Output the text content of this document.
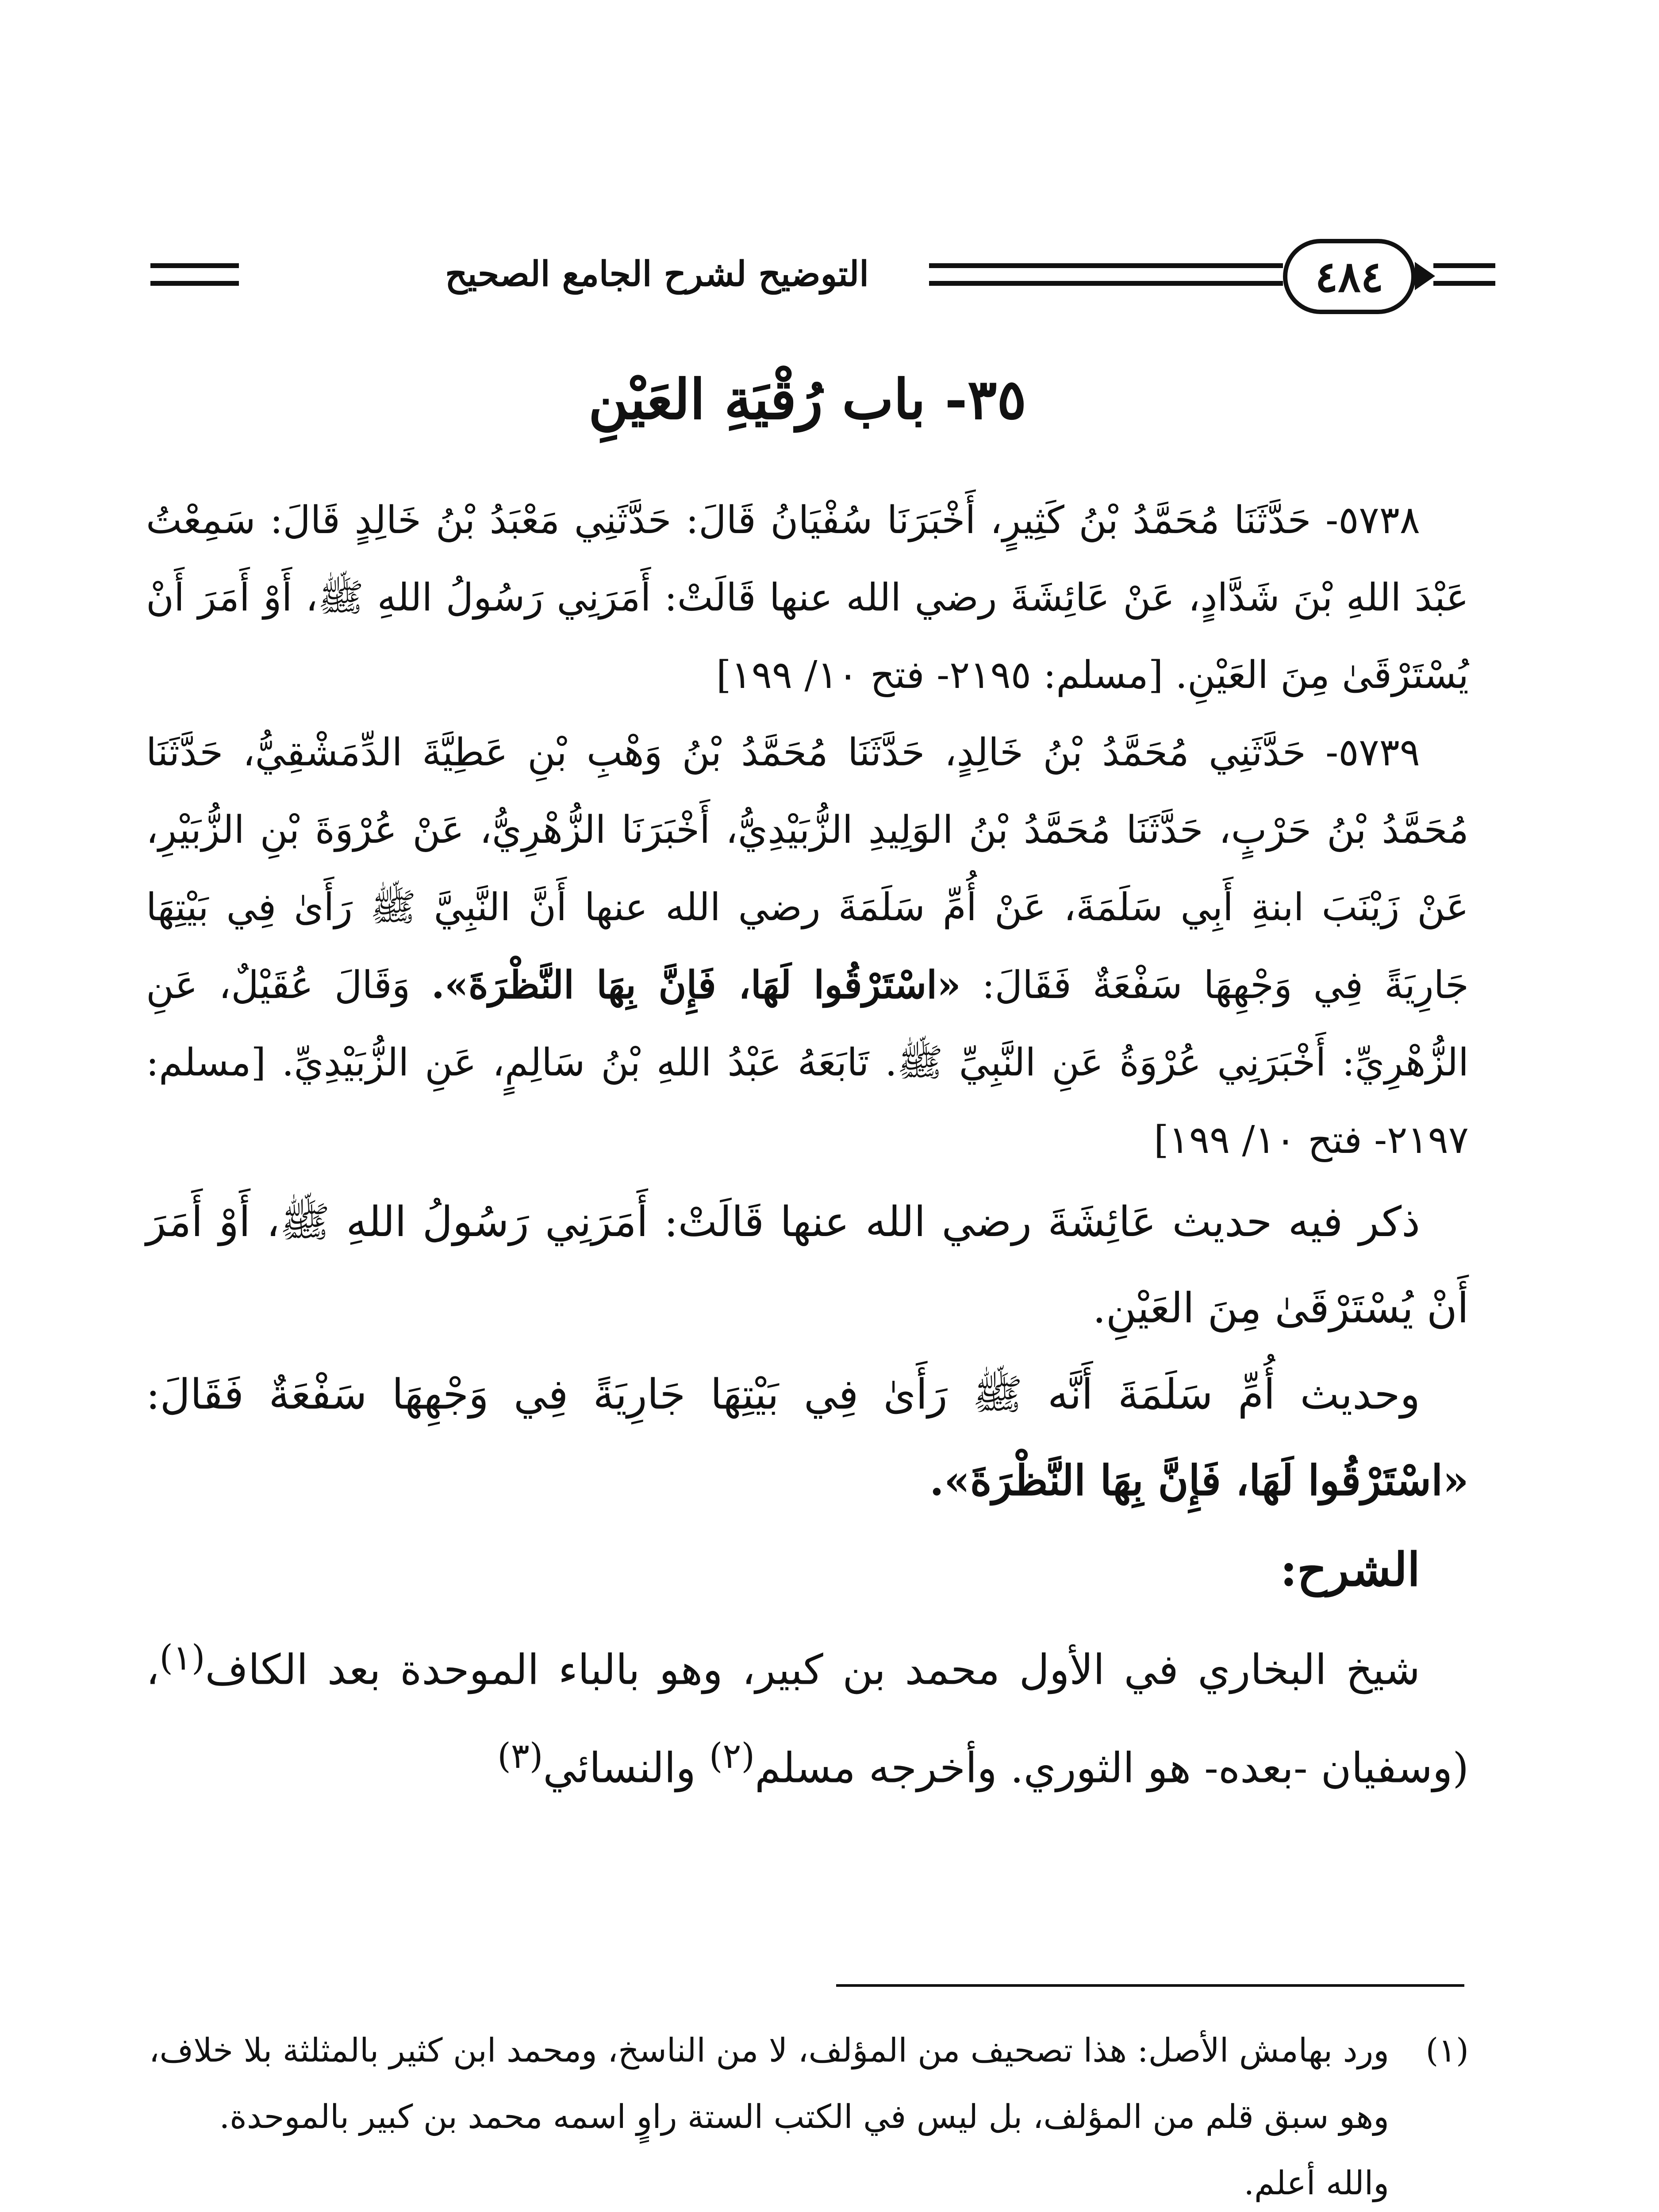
التوضيح لشرح الجامع الصحيح	٤٨٤
٣٥- باب رُقْيَةِ العَيْنِ

٥٧٣٨- حَدَّثَنَا مُحَمَّدُ بْنُ كَثِيرٍ، أَخْبَرَنَا سُفْيَانُ قَالَ: حَدَّثَنِي مَعْبَدُ بْنُ خَالِدٍ قَالَ: سَمِعْتُ عَبْدَ اللهِ بْنَ شَدَّادٍ، عَنْ عَائِشَةَ رضي الله عنها قَالَتْ: أَمَرَنِي رَسُولُ اللهِ ﷺ، أَوْ أَمَرَ أَنْ يُسْتَرْقَىٰ مِنَ العَيْنِ. [مسلم: ٢١٩٥- فتح ١٠/ ١٩٩]

٥٧٣٩- حَدَّثَنِي مُحَمَّدُ بْنُ خَالِدٍ، حَدَّثَنَا مُحَمَّدُ بْنُ وَهْبِ بْنِ عَطِيَّةَ الدِّمَشْقِيُّ، حَدَّثَنَا مُحَمَّدُ بْنُ حَرْبٍ، حَدَّثَنَا مُحَمَّدُ بْنُ الوَلِيدِ الزُّبَيْدِيُّ، أَخْبَرَنَا الزُّهْرِيُّ، عَنْ عُرْوَةَ بْنِ الزُّبَيْرِ، عَنْ زَيْنَبَ ابنةِ أَبِي سَلَمَةَ، عَنْ أُمِّ سَلَمَةَ رضي الله عنها أَنَّ النَّبِيَّ ﷺ رَأَىٰ فِي بَيْتِهَا جَارِيَةً فِي وَجْهِهَا سَفْعَةٌ فَقَالَ: «اسْتَرْقُوا لَهَا، فَإِنَّ بِهَا النَّظْرَةَ». وَقَالَ عُقَيْلٌ، عَنِ الزُّهْرِيِّ: أَخْبَرَنِي عُرْوَةُ عَنِ النَّبِيِّ ﷺ. تَابَعَهُ عَبْدُ اللهِ بْنُ سَالِمٍ، عَنِ الزُّبَيْدِيِّ. [مسلم: ٢١٩٧- فتح ١٠/ ١٩٩]

ذكر فيه حديث عَائِشَةَ رضي الله عنها قَالَتْ: أَمَرَنِي رَسُولُ اللهِ ﷺ، أَوْ أَمَرَ أَنْ يُسْتَرْقَىٰ مِنَ العَيْنِ.

وحديث أُمِّ سَلَمَةَ أَنَّه ﷺ رَأَىٰ فِي بَيْتِهَا جَارِيَةً فِي وَجْهِهَا سَفْعَةٌ فَقَالَ: «اسْتَرْقُوا لَهَا، فَإِنَّ بِهَا النَّظْرَةَ».

الشرح:

شيخ البخاري في الأول محمد بن كبير، وهو بالباء الموحدة بعد الكاف$^{(١)}$، (وسفيان -بعده- هو الثوري. وأخرجه مسلم$^{(٢)}$ والنسائي$^{(٣)}$

(١)
ورد بهامش الأصل: هذا تصحيف من المؤلف، لا من الناسخ، ومحمد ابن كثير بالمثلثة بلا خلاف، وهو سبق قلم من المؤلف، بل ليس في الكتب الستة راوٍ اسمه محمد بن كبير بالموحدة. والله أعلم.
